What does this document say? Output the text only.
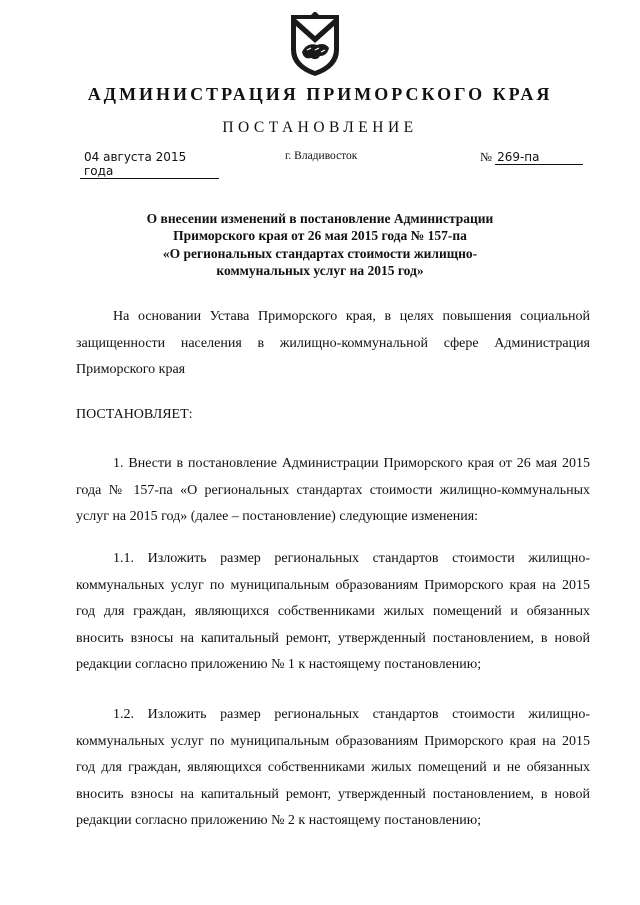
АДМИНИСТРАЦИЯ ПРИМОРСКОГО КРАЯ
ПОСТАНОВЛЕНИЕ
04 августа 2015 года
г. Владивосток	№ 269-па
О внесении изменений в постановление Администрации
Приморского края от 26 мая 2015 года № 157-па
«О региональных стандартах стоимости жилищно-
коммунальных услуг на 2015 год»

На основании Устава Приморского края, в целях повышения социальной защищенности населения в жилищно-коммунальной сфере Администрация Приморского края

ПОСТАНОВЛЯЕТ:

1. Внести в постановление Администрации Приморского края от 26 мая 2015 года № 157-па «О региональных стандартах стоимости жилищно-коммунальных услуг на 2015 год» (далее – постановление) следующие изменения:

1.1. Изложить размер региональных стандартов стоимости жилищно-коммунальных услуг по муниципальным образованиям Приморского края на 2015 год для граждан, являющихся собственниками жилых помещений и обязанных вносить взносы на капитальный ремонт, утвержденный постановлением, в новой редакции согласно приложению № 1 к настоящему постановлению;

1.2. Изложить размер региональных стандартов стоимости жилищно-коммунальных услуг по муниципальным образованиям Приморского края на 2015 год для граждан, являющихся собственниками жилых помещений и не обязанных вносить взносы на капитальный ремонт, утвержденный постановлением, в новой редакции согласно приложению № 2 к настоящему постановлению;
